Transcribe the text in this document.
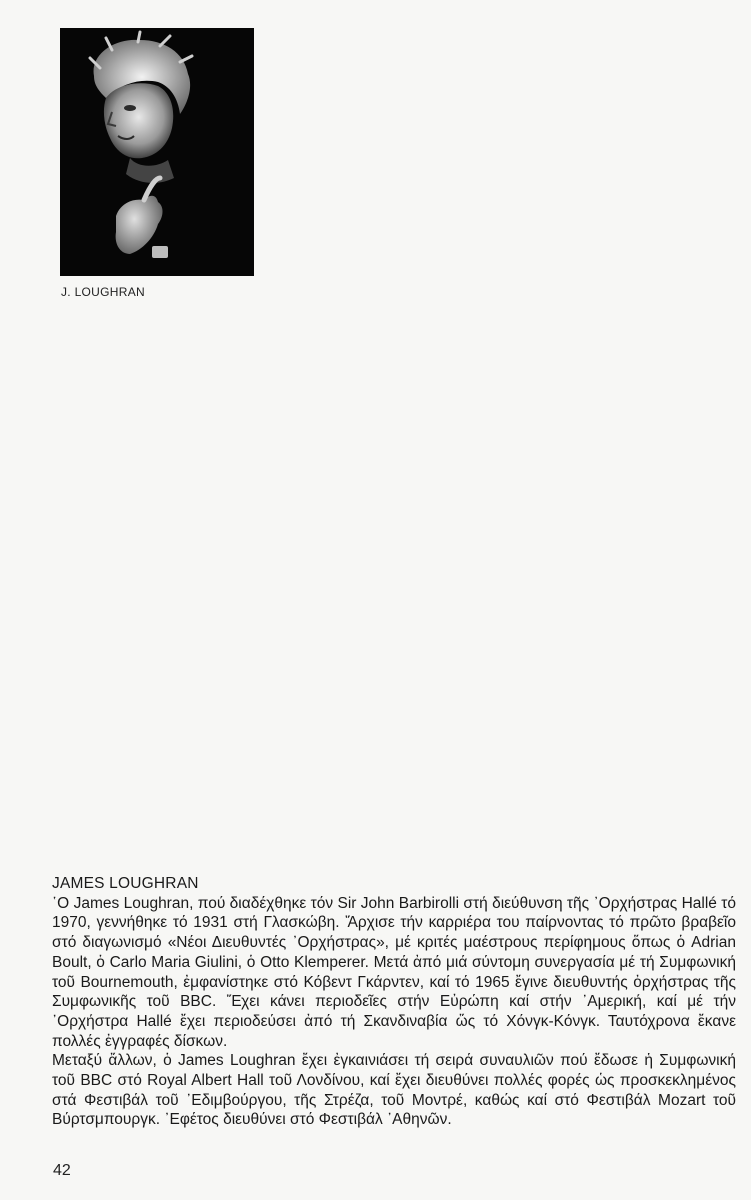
J. LOUGHRAN
JAMES LOUGHRAN

῾Ο James Loughran, πού διαδέχθηκε τόν Sir John Barbirolli στή διεύθυνση τῆς ᾽Ορχήστρας Hallé τό 1970, γεννήθηκε τό 1931 στή Γλασκώβη. Ἄρχισε τήν καρριέρα του παίρνοντας τό πρῶτο βραβεῖο στό διαγωνισμό «Νέοι Διευθυντές ᾽Ορχήστρας», μέ κριτές μαέστρους περίφημους ὅπως ὁ Adrian Boult, ὁ Carlo Maria Giulini, ὁ Otto Klemperer. Μετά ἀπό μιά σύντομη συνεργασία μέ τή Συμφωνική τοῦ Bournemouth, ἐμφανίστηκε στό Κόβεντ Γκάρντεν, καί τό 1965 ἔγινε διευθυντής ὀρχήστρας τῆς Συμφωνικῆς τοῦ BBC. Ἔχει κάνει περιοδεῖες στήν Εὐρώπη καί στήν ᾽Αμερική, καί μέ τήν ᾽Ορχήστρα Hallé ἔχει περιοδεύσει ἀπό τή Σκανδιναβία ὥς τό Χόνγκ-Κόνγκ. Ταυτόχρονα ἔκανε πολλές ἐγγραφές δίσκων.

Μεταξύ ἄλλων, ὁ James Loughran ἔχει ἐγκαινιάσει τή σειρά συναυλιῶν πού ἔδωσε ἡ Συμφωνική τοῦ BBC στό Royal Albert Hall τοῦ Λονδίνου, καί ἔχει διευθύνει πολλές φορές ὡς προσκεκλημένος στά Φεστιβάλ τοῦ ᾽Εδιμβούργου, τῆς Στρέζα, τοῦ Μοντρέ, καθώς καί στό Φεστιβάλ Mozart τοῦ Βύρτσμπουργκ. ᾽Εφέτος διευθύνει στό Φεστιβάλ ᾽Αθηνῶν.

42
